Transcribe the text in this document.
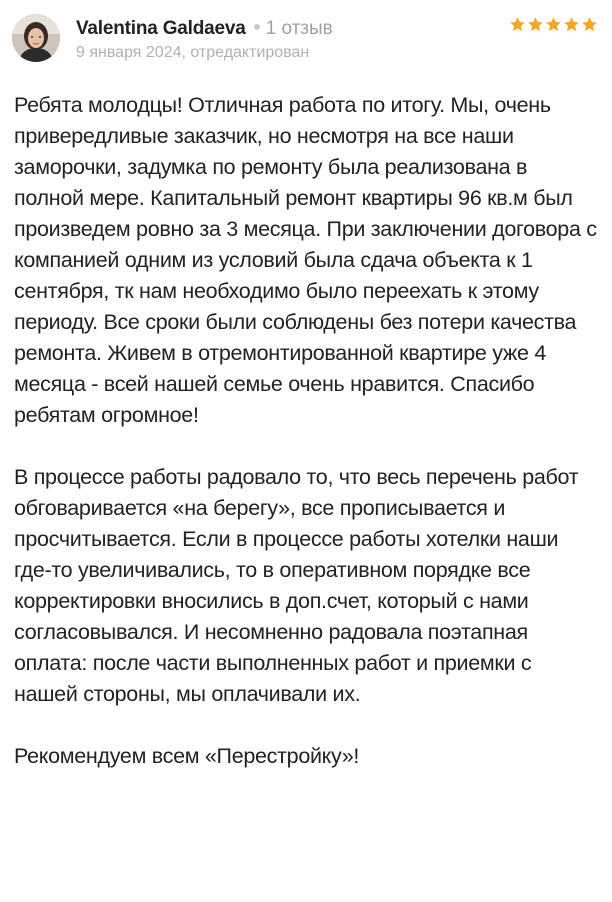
Valentina Galdaeva 1 отзыв
9 января 2024, отредактирован

Ребята молодцы! Отличная работа по итогу. Мы, очень привередливые заказчик, но несмотря на все наши заморочки, задумка по ремонту была реализована в полной мере. Капитальный ремонт квартиры 96 кв.м был произведем ровно за 3 месяца. При заключении договора с компанией одним из условий была сдача объекта к 1 сентября, тк нам необходимо было переехать к этому периоду. Все сроки были соблюдены без потери качества ремонта. Живем в отремонтированной квартире уже 4 месяца - всей нашей семье очень нравится. Спасибо ребятам огромное!

В процессе работы радовало то, что весь перечень работ обговаривается «на берегу», все прописывается и просчитывается. Если в процессе работы хотелки наши где-то увеличивались, то в оперативном порядке все корректировки вносились в доп.счет, который с нами согласовывался. И несомненно радовала поэтапная оплата: после части выполненных работ и приемки с нашей стороны, мы оплачивали их.

Рекомендуем всем «Перестройку»!
